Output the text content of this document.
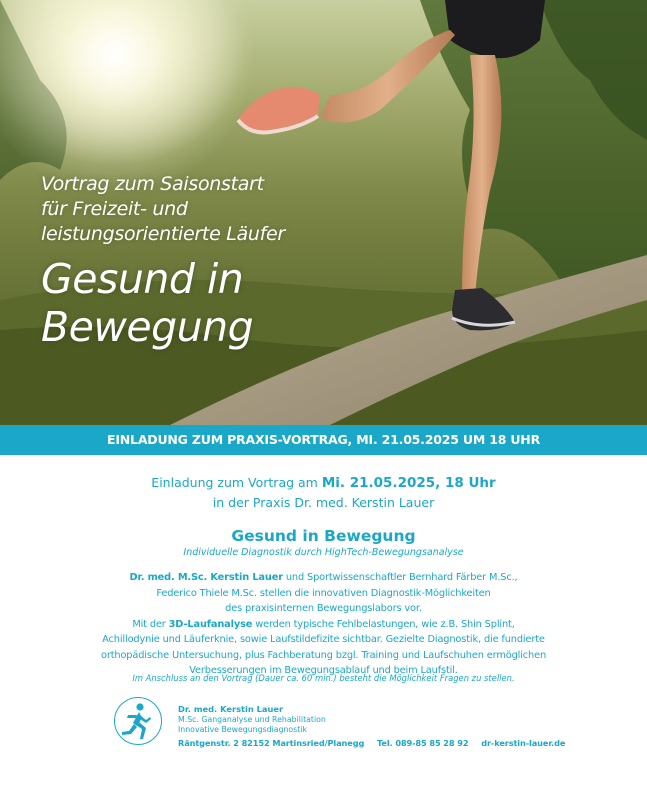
Vortrag zum Saisonstart
für Freizeit- und
leistungsorientierte Läufer

Gesund in
Bewegung
EINLADUNG ZUM PRAXIS-VORTRAG, MI. 21.05.2025 UM 18 UHR
Einladung zum Vortrag am Mi. 21.05.2025, 18 Uhr
in der Praxis Dr. med. Kerstin Lauer
Gesund in Bewegung
Individuelle Diagnostik durch HighTech-Bewegungsanalyse
Dr. med. M.Sc. Kerstin Lauer und Sportwissenschaftler Bernhard Färber M.Sc.,
Federico Thiele M.Sc. stellen die innovativen Diagnostik-Möglichkeiten
des praxisinternen Bewegungslabors vor.
Mit der 3D-Laufanalyse werden typische Fehlbelastungen, wie z.B. Shin Splint,
Achillodynie und Läuferknie, sowie Laufstildefizite sichtbar. Gezielte Diagnostik, die fundierte
orthopädische Untersuchung, plus Fachberatung bzgl. Training und Laufschuhen ermöglichen
Verbesserungen im Bewegungsablauf und beim Laufstil.
Im Anschluss an den Vortrag (Dauer ca. 60 min.) besteht die Möglichkeit Fragen zu stellen.
Dr. med. Kerstin Lauer
M.Sc. Ganganalyse und Rehabilitation
Innovative Bewegungsdiagnostik
Räntgenstr. 2 82152 Martinsried/Planegg Tel. 089-85 85 28 92 dr-kerstin-lauer.de
